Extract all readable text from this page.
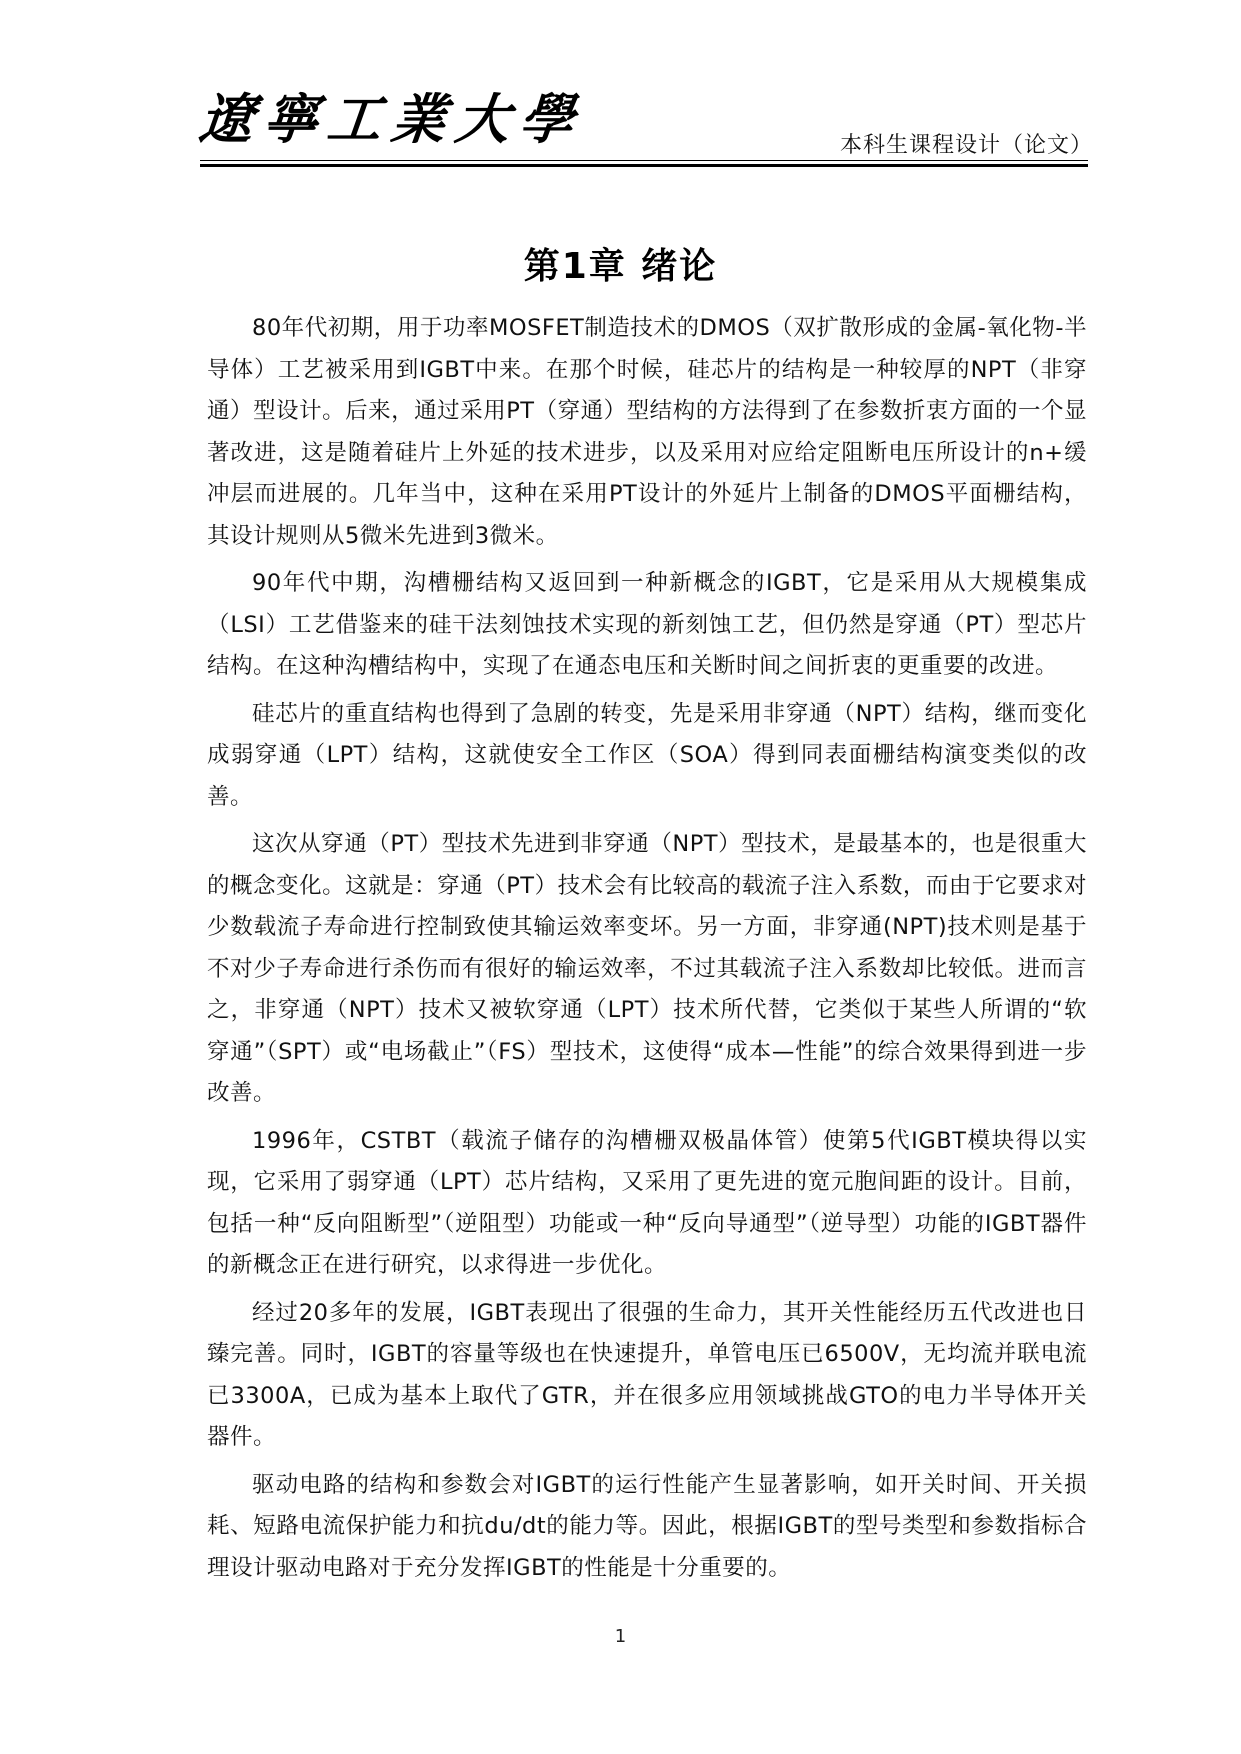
遼寧工業大學	本科生课程设计（论文）
第1章 绪论

80年代初期，用于功率MOSFET制造技术的DMOS（双扩散形成的金属-氧化物-半导体）工艺被采用到IGBT中来。在那个时候，硅芯片的结构是一种较厚的NPT（非穿通）型设计。后来，通过采用PT（穿通）型结构的方法得到了在参数折衷方面的一个显著改进，这是随着硅片上外延的技术进步，以及采用对应给定阻断电压所设计的n+缓冲层而进展的。几年当中，这种在采用PT设计的外延片上制备的DMOS平面栅结构，其设计规则从5微米先进到3微米。

90年代中期，沟槽栅结构又返回到一种新概念的IGBT，它是采用从大规模集成（LSI）工艺借鉴来的硅干法刻蚀技术实现的新刻蚀工艺，但仍然是穿通（PT）型芯片结构。在这种沟槽结构中，实现了在通态电压和关断时间之间折衷的更重要的改进。

硅芯片的重直结构也得到了急剧的转变，先是采用非穿通（NPT）结构，继而变化成弱穿通（LPT）结构，这就使安全工作区（SOA）得到同表面栅结构演变类似的改善。

这次从穿通（PT）型技术先进到非穿通（NPT）型技术，是最基本的，也是很重大的概念变化。这就是：穿通（PT）技术会有比较高的载流子注入系数，而由于它要求对少数载流子寿命进行控制致使其输运效率变坏。另一方面，非穿通(NPT)技术则是基于不对少子寿命进行杀伤而有很好的输运效率，不过其载流子注入系数却比较低。进而言之，非穿通（NPT）技术又被软穿通（LPT）技术所代替，它类似于某些人所谓的“软穿通”（SPT）或“电场截止”（FS）型技术，这使得“成本—性能”的综合效果得到进一步改善。

1996年，CSTBT（载流子储存的沟槽栅双极晶体管）使第5代IGBT模块得以实现，它采用了弱穿通（LPT）芯片结构，又采用了更先进的宽元胞间距的设计。目前，包括一种“反向阻断型”（逆阻型）功能或一种“反向导通型”（逆导型）功能的IGBT器件的新概念正在进行研究，以求得进一步优化。

经过20多年的发展，IGBT表现出了很强的生命力，其开关性能经历五代改进也日臻完善。同时，IGBT的容量等级也在快速提升，单管电压已6500V，无均流并联电流已3300A，已成为基本上取代了GTR，并在很多应用领域挑战GTO的电力半导体开关器件。

驱动电路的结构和参数会对IGBT的运行性能产生显著影响，如开关时间、开关损耗、短路电流保护能力和抗du/dt的能力等。因此，根据IGBT的型号类型和参数指标合理设计驱动电路对于充分发挥IGBT的性能是十分重要的。

1
